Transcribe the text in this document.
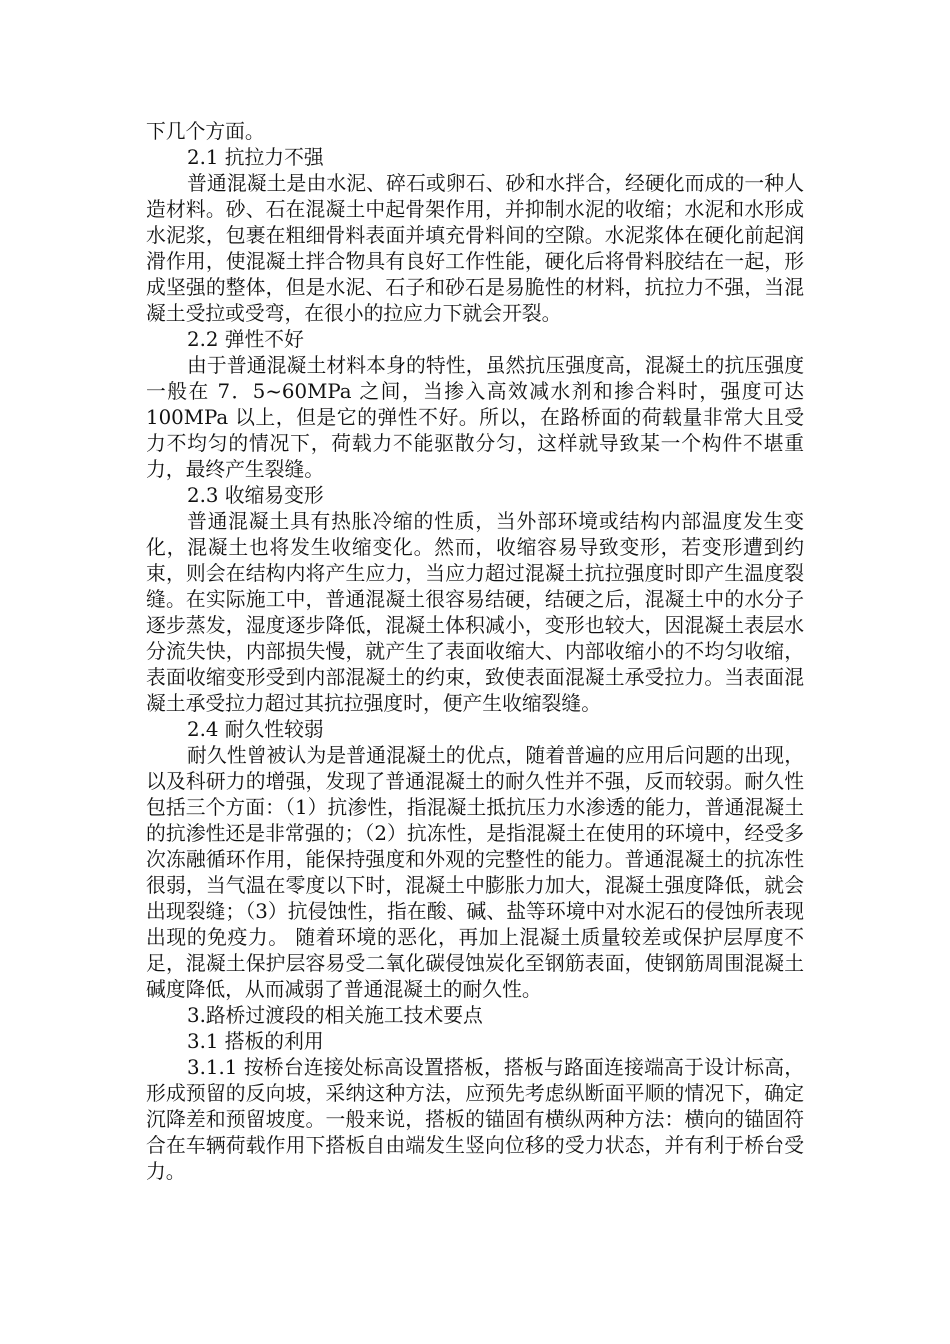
下几个方面。

2.1 抗拉力不强

普通混凝土是由水泥、碎石或卵石、砂和水拌合，经硬化而成的一种人造材料。砂、石在混凝土中起骨架作用，并抑制水泥的收缩；水泥和水形成水泥浆，包裹在粗细骨料表面并填充骨料间的空隙。水泥浆体在硬化前起润滑作用，使混凝土拌合物具有良好工作性能，硬化后将骨料胶结在一起，形成坚强的整体，但是水泥、石子和砂石是易脆性的材料，抗拉力不强，当混凝土受拉或受弯，在很小的拉应力下就会开裂。

2.2 弹性不好

由于普通混凝土材料本身的特性，虽然抗压强度高，混凝土的抗压强度一般在 7．5~60MPa 之间，当掺入高效减水剂和掺合料时，强度可达 100MPa 以上，但是它的弹性不好。所以，在路桥面的荷载量非常大且受力不均匀的情况下，荷载力不能驱散分匀，这样就导致某一个构件不堪重力，最终产生裂缝。

2.3 收缩易变形

普通混凝土具有热胀冷缩的性质，当外部环境或结构内部温度发生变化，混凝土也将发生收缩变化。然而，收缩容易导致变形，若变形遭到约束，则会在结构内将产生应力，当应力超过混凝土抗拉强度时即产生温度裂缝。在实际施工中，普通混凝土很容易结硬，结硬之后，混凝土中的水分子逐步蒸发，湿度逐步降低，混凝土体积减小，变形也较大，因混凝土表层水分流失快，内部损失慢，就产生了表面收缩大、内部收缩小的不均匀收缩，表面收缩变形受到内部混凝土的约束，致使表面混凝土承受拉力。当表面混凝土承受拉力超过其抗拉强度时，便产生收缩裂缝。

2.4 耐久性较弱

耐久性曾被认为是普通混凝土的优点，随着普遍的应用后问题的出现，以及科研力的增强，发现了普通混凝土的耐久性并不强，反而较弱。耐久性包括三个方面：（1）抗渗性，指混凝土抵抗压力水渗透的能力，普通混凝土的抗渗性还是非常强的；（2）抗冻性，是指混凝土在使用的环境中，经受多次冻融循环作用，能保持强度和外观的完整性的能力。普通混凝土的抗冻性很弱，当气温在零度以下时，混凝土中膨胀力加大，混凝土强度降低，就会出现裂缝；（3）抗侵蚀性，指在酸、碱、盐等环境中对水泥石的侵蚀所表现出现的免疫力。 随着环境的恶化，再加上混凝土质量较差或保护层厚度不足，混凝土保护层容易受二氧化碳侵蚀炭化至钢筋表面，使钢筋周围混凝土碱度降低，从而减弱了普通混凝土的耐久性。

3.路桥过渡段的相关施工技术要点

3.1 搭板的利用

3.1.1 按桥台连接处标高设置搭板，搭板与路面连接端高于设计标高，形成预留的反向坡，采纳这种方法，应预先考虑纵断面平顺的情况下，确定沉降差和预留坡度。一般来说，搭板的锚固有横纵两种方法：横向的锚固符合在车辆荷载作用下搭板自由端发生竖向位移的受力状态，并有利于桥台受力。
